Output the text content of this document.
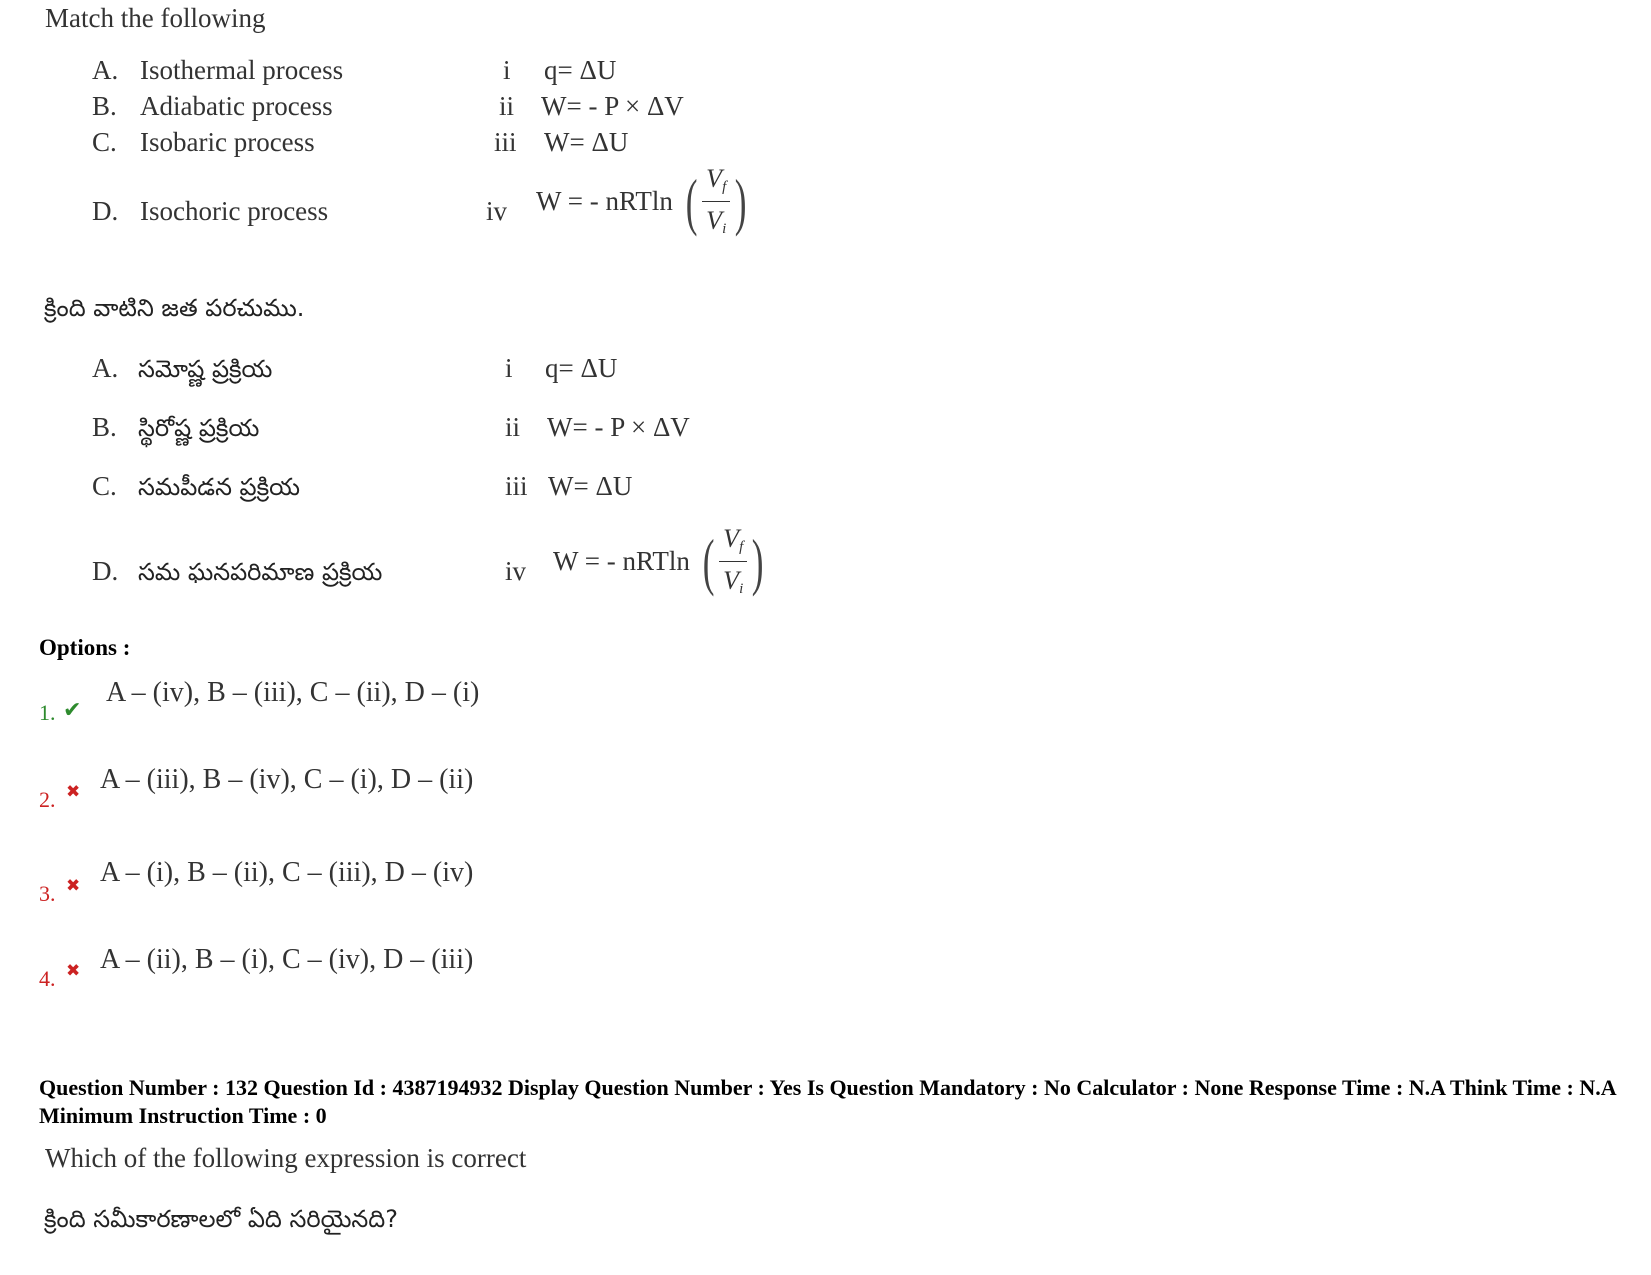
Match the following
A. Isothermal process	i q= ΔU
B. Adiabatic process	ii W= - P × ΔV
C. Isobaric process	iii W= ΔU
D. Isochoric process	iv W = - nRTln ( $\frac{V_f}{V_i}$ )
క్రింది వాటిని జత పరచుము.
A. సమోష్ణ ప్రక్రియ	i q= ΔU
B. స్థిరోష్ణ ప్రక్రియ	ii W= - P × ΔV
C. సమపీడన ప్రక్రియ	iii W= ΔU
D. సమ ఘనపరిమాణ ప్రక్రియ	iv W = - nRTln ( $\frac{V_f}{V_i}$ )
Options :
1. ✔
A – (iv), B – (iii), C – (ii), D – (i)
2. ✖ A – (iii), B – (iv), C – (i), D – (ii)
3. ✖ A – (i), B – (ii), C – (iii), D – (iv)
4. ✖ A – (ii), B – (i), C – (iv), D – (iii)
Question Number : 132 Question Id : 4387194932 Display Question Number : Yes Is Question Mandatory : No Calculator : None Response Time : N.A Think Time : N.A Minimum Instruction Time : 0
Which of the following expression is correct
క్రింది సమీకారణాలలో ఏది సరియైనది?
